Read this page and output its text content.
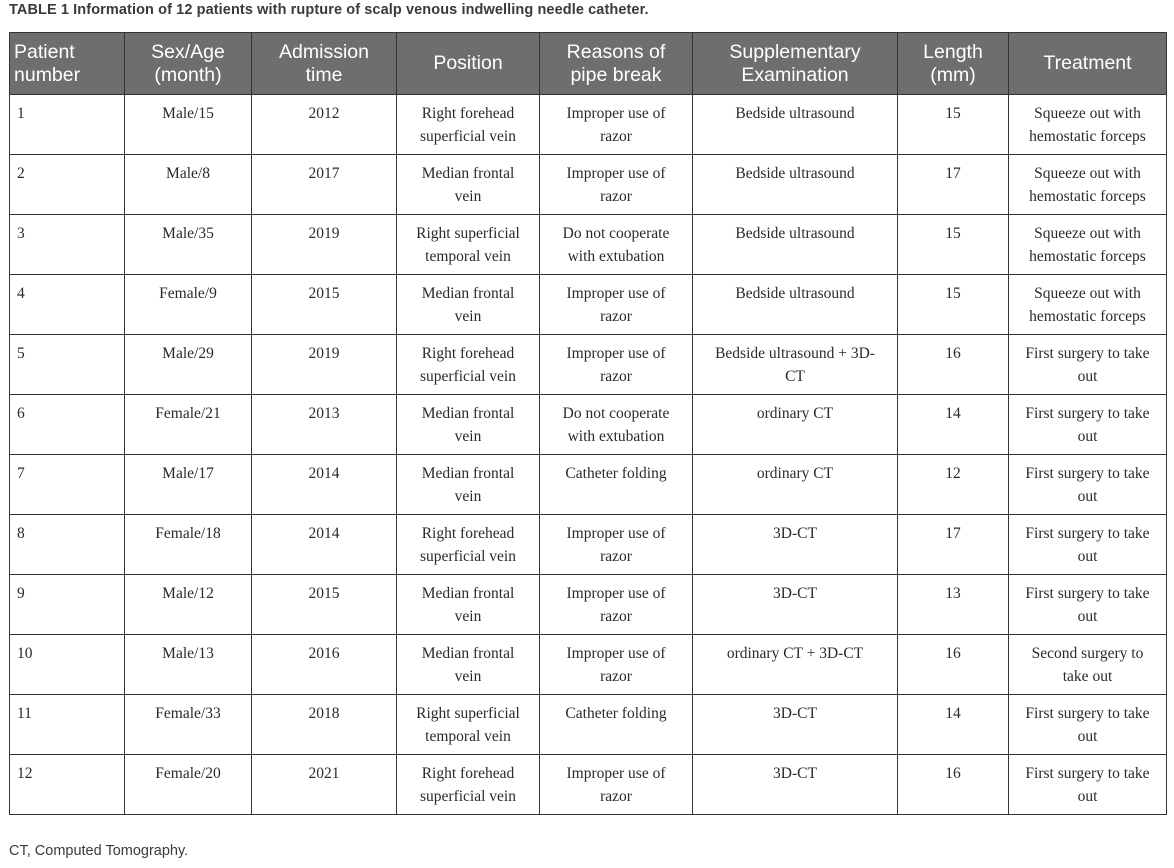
TABLE 1 Information of 12 patients with rupture of scalp venous indwelling needle catheter.
Patient
number	Sex/Age
(month)	Admission
time	Position	Reasons of
pipe break	Supplementary
Examination	Length
(mm)	Treatment
1	Male/15	2012	Right forehead
superficial vein	Improper use of
razor	Bedside ultrasound	15	Squeeze out with
hemostatic forceps
2	Male/8	2017	Median frontal
vein	Improper use of
razor	Bedside ultrasound	17	Squeeze out with
hemostatic forceps
3	Male/35	2019	Right superficial
temporal vein	Do not cooperate
with extubation	Bedside ultrasound	15	Squeeze out with
hemostatic forceps
4	Female/9	2015	Median frontal
vein	Improper use of
razor	Bedside ultrasound	15	Squeeze out with
hemostatic forceps
5	Male/29	2019	Right forehead
superficial vein	Improper use of
razor	Bedside ultrasound + 3D-
CT	16	First surgery to take
out
6	Female/21	2013	Median frontal
vein	Do not cooperate
with extubation	ordinary CT	14	First surgery to take
out
7	Male/17	2014	Median frontal
vein	Catheter folding	ordinary CT	12	First surgery to take
out
8	Female/18	2014	Right forehead
superficial vein	Improper use of
razor	3D-CT	17	First surgery to take
out
9	Male/12	2015	Median frontal
vein	Improper use of
razor	3D-CT	13	First surgery to take
out
10	Male/13	2016	Median frontal
vein	Improper use of
razor	ordinary CT + 3D-CT	16	Second surgery to
take out
11	Female/33	2018	Right superficial
temporal vein	Catheter folding	3D-CT	14	First surgery to take
out
12	Female/20	2021	Right forehead
superficial vein	Improper use of
razor	3D-CT	16	First surgery to take
out
CT, Computed Tomography.
